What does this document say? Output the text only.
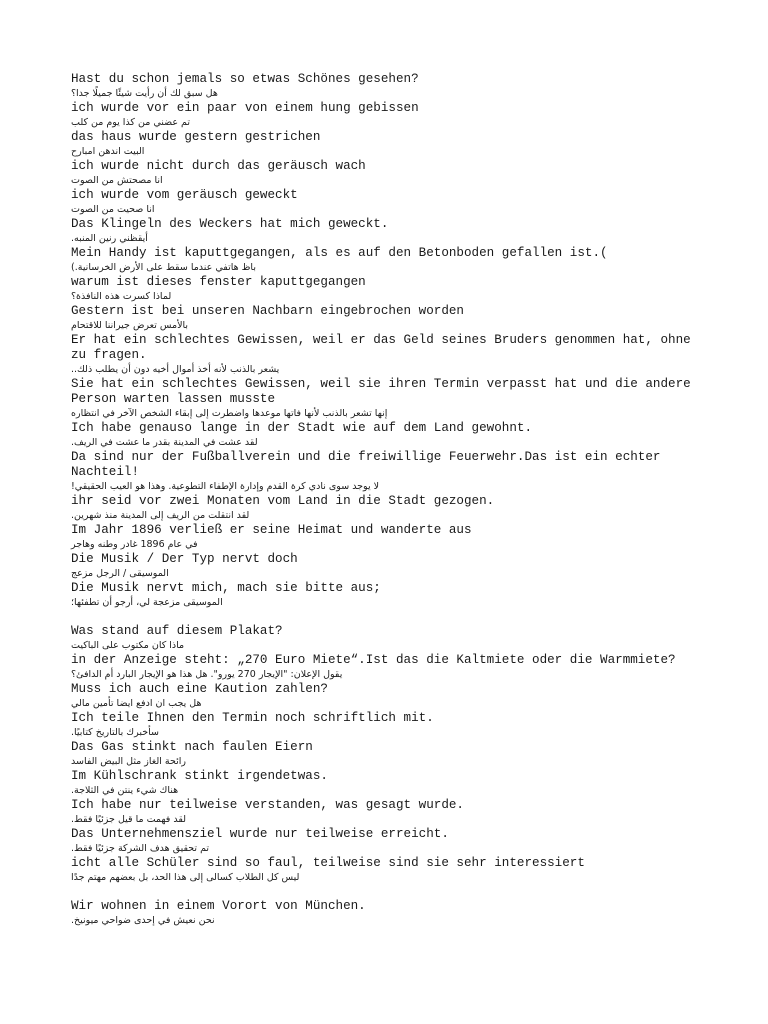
Hast du schon jemals so etwas Schönes gesehen?

هل سبق لك أن رأيت شيئًا جميلًا جدا؟

ich wurde vor ein paar von einem hung gebissen

تم عضني من كذا يوم من كلب

das haus wurde gestern gestrichen

البيت اندهن امبارح

ich wurde nicht durch das geräusch wach

انا مصحتش من الصوت

ich wurde vom geräusch geweckt

انا صحيت من الصوت

Das Klingeln des Weckers hat mich geweckt.

أيقظني رنين المنبه.

Mein Handy ist kaputtgegangen, als es auf den Betonboden gefallen ist.(

باظ هاتفي عندما سقط على الأرض الخرسانية.)

warum ist dieses fenster kaputtgegangen

لماذا كسرت هذه النافذة؟

Gestern ist bei unseren Nachbarn eingebrochen worden

بالأمس تعرض جيراننا للاقتحام

Er hat ein schlechtes Gewissen, weil er das Geld seines Bruders genommen hat, ohne zu fragen.

يشعر بالذنب لأنه أخذ أموال أخيه دون أن يطلب ذلك..

Sie hat ein schlechtes Gewissen, weil sie ihren Termin verpasst hat und die andere Person warten lassen musste

إنها تشعر بالذنب لأنها فاتها موعدها واضطرت إلى إبقاء الشخص الآخر في انتظاره

Ich habe genauso lange in der Stadt wie auf dem Land gewohnt.

لقد عشت في المدينة بقدر ما عشت في الريف.

Da sind nur der Fußballverein und die freiwillige Feuerwehr.Das ist ein echter Nachteil!

لا يوجد سوى نادي كرة القدم وإدارة الإطفاء التطوعية. وهذا هو العيب الحقيقي!

ihr seid vor zwei Monaten vom Land in die Stadt gezogen.

لقد انتقلت من الريف إلى المدينة منذ شهرين.

Im Jahr 1896 verließ er seine Heimat und wanderte aus

في عام 1896 غادر وطنه وهاجر

Die Musik / Der Typ nervt doch

الموسيقى / الرجل مزعج

Die Musik nervt mich, mach sie bitte aus;

الموسيقى مزعجة لي، أرجو أن تطفئها؛

Was stand auf diesem Plakat?

ماذا كان مكتوب على الباكيت

in der Anzeige steht: „270 Euro Miete“.Ist das die Kaltmiete oder die Warmmiete?

يقول الإعلان: "الإيجار 270 يورو". هل هذا هو الإيجار البارد أم الدافئ؟

Muss ich auch eine Kaution zahlen?

هل يجب ان ادفع ايضا تأمين مالي

Ich teile Ihnen den Termin noch schriftlich mit.

سأخبرك بالتاريخ كتابيًا.

Das Gas stinkt nach faulen Eiern

رائحة الغاز مثل البيض الفاسد

Im Kühlschrank stinkt irgendetwas.

هناك شيء ينتن في الثلاجة.

Ich habe nur teilweise verstanden, was gesagt wurde.

لقد فهمت ما قيل جزئيًا فقط.

Das Unternehmensziel wurde nur teilweise erreicht.

تم تحقيق هدف الشركة جزئيًا فقط.

icht alle Schüler sind so faul, teilweise sind sie sehr interessiert

ليس كل الطلاب كسالى إلى هذا الحد، بل بعضهم مهتم جدًا

Wir wohnen in einem Vorort von München.

نحن نعيش في إحدى ضواحي ميونيخ.
